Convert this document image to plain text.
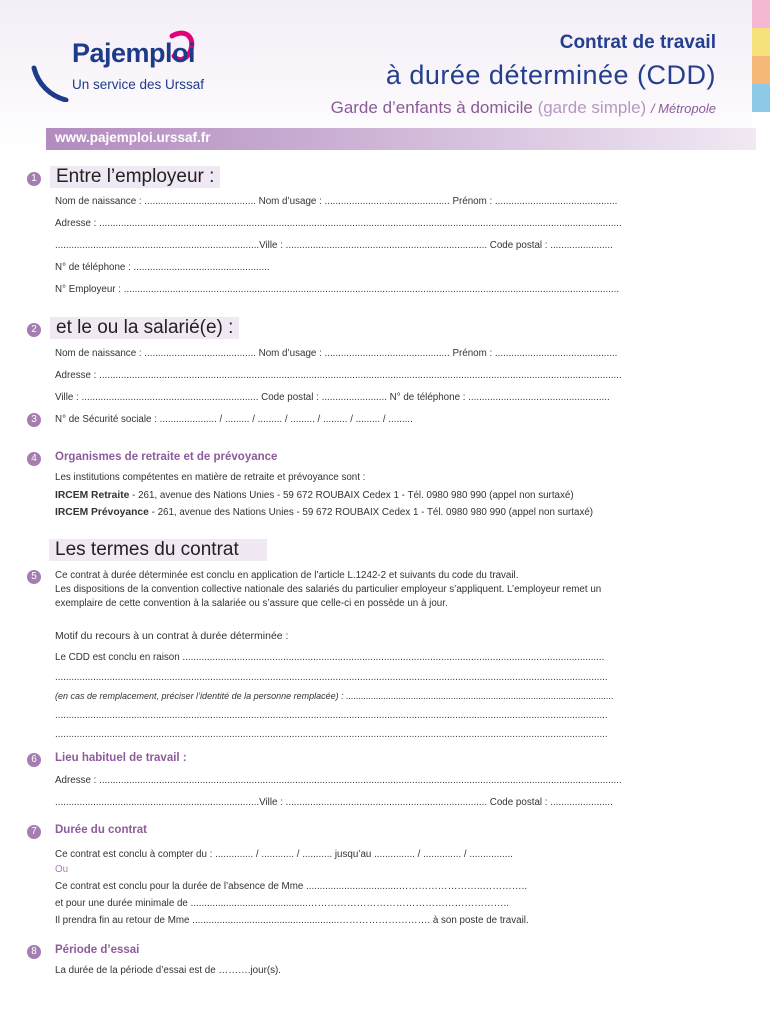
Pajemploi
Un service des Urssaf
Contrat de travail
à durée déterminée (CDD)
Garde d’enfants à domicile (garde simple) / Métropole
www.pajemploi.urssaf.fr
1	Entre l’employeur :
Nom de naissance : ......................................... Nom d’usage : .............................................. Prénom : .............................................
Adresse : ................................................................................................................................................................................................
...........................................................................Ville : .......................................................................... Code postal : .......................
N° de téléphone : ..................................................
N° Employeur : ......................................................................................................................................................................................
2	et le ou la salarié(e) :
Nom de naissance : ......................................... Nom d’usage : .............................................. Prénom : .............................................
Adresse : ................................................................................................................................................................................................
Ville : ................................................................. Code postal : ........................ N° de téléphone : ....................................................
3	N° de Sécurité sociale : ..................... / ......... / ......... / ......... / ......... / ......... / .........
4	Organismes de retraite et de prévoyance
Les institutions compétentes en matière de retraite et prévoyance sont :
IRCEM Retraite - 261, avenue des Nations Unies - 59 672 ROUBAIX Cedex 1 - Tél. 0980 980 990 (appel non surtaxé)
IRCEM Prévoyance - 261, avenue des Nations Unies - 59 672 ROUBAIX Cedex 1 - Tél. 0980 980 990 (appel non surtaxé)
Les termes du contrat
5	Ce contrat à durée déterminée est conclu en application de l’article L.1242-2 et suivants du code du travail.
Les dispositions de la convention collective nationale des salariés du particulier employeur s’appliquent. L’employeur remet un
exemplaire de cette convention à la salariée ou s’assure que celle-ci en possède un à jour.
Motif du recours à un contrat à durée déterminée :
Le CDD est conclu en raison ...........................................................................................................................................................
...........................................................................................................................................................................................................
(en cas de remplacement, préciser l’identité de la personne remplacée) : ...........................................................................................................
...........................................................................................................................................................................................................
...........................................................................................................................................................................................................
6	Lieu habituel de travail :
Adresse : ................................................................................................................................................................................................
...........................................................................Ville : .......................................................................... Code postal : .......................
7	Durée du contrat
Ce contrat est conclu à compter du : .............. / ............ / ........... jusqu’au ............... / .............. / ................
Ou
Ce contrat est conclu pour la durée de l’absence de Mme ..................................……………………..…………..
et pour une durée minimale de ...........................................……………………………………………………..
Il prendra fin au retour de Mme ......................................................………………………. à son poste de travail.
8	Période d’essai
La durée de la période d’essai est de ……….jour(s).
